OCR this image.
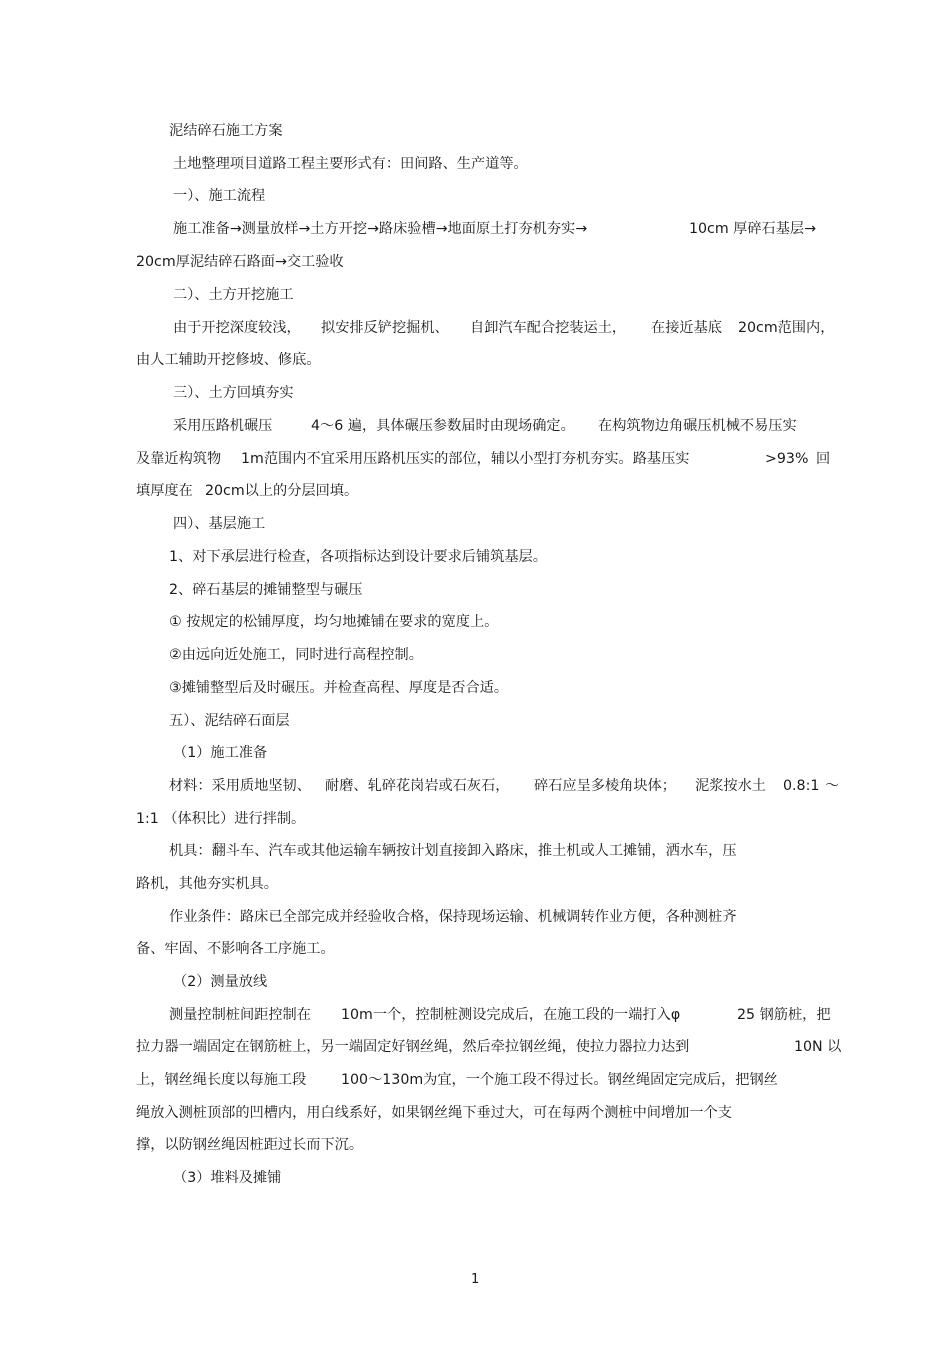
泥结碎石施工方案
土地整理项目道路工程主要形式有：田间路、生产道等。
一）、施工流程
施工准备→测量放样→土方开挖→路床验槽→地面原土打夯机夯实→	10cm 厚碎石基层→
20cm厚泥结碎石路面→交工验收
二）、土方开挖施工
由于开挖深度较浅， 拟安排反铲挖掘机、 自卸汽车配合挖装运土， 在接近基底 20cm范围内，
由人工辅助开挖修坡、修底。
三）、土方回填夯实
采用压路机碾压	4～6 遍，具体碾压参数届时由现场确定。 在构筑物边角碾压机械不易压实
及靠近构筑物 1m范围内不宜采用压路机压实的部位，辅以小型打夯机夯实。路基压实	>93% 回
填厚度在 20cm以上的分层回填。
四）、基层施工
1、对下承层进行检查，各项指标达到设计要求后铺筑基层。
2、碎石基层的摊铺整型与碾压
① 按规定的松铺厚度，均匀地摊铺在要求的宽度上。
②由远向近处施工，同时进行高程控制。
③摊铺整型后及时碾压。并检查高程、厚度是否合适。
五）、泥结碎石面层
（1）施工准备
材料：采用质地坚韧、 耐磨、轧碎花岗岩或石灰石， 碎石应呈多棱角块体； 泥浆按水土 0.8:1 ～
1:1 （体积比）进行拌制。
机具：翻斗车、汽车或其他运输车辆按计划直接卸入路床，推土机或人工摊铺，洒水车，压
路机，其他夯实机具。
作业条件：路床已全部完成并经验收合格，保持现场运输、机械调转作业方便，各种测桩齐
备、牢固、不影响各工序施工。
（2）测量放线
测量控制桩间距控制在 10m一个，控制桩测设完成后，在施工段的一端打入φ	25 钢筋桩，把
拉力器一端固定在钢筋桩上，另一端固定好钢丝绳，然后牵拉钢丝绳，使拉力器拉力达到	10N 以
上，钢丝绳长度以每施工段 100～130m为宜，一个施工段不得过长。钢丝绳固定完成后，把钢丝
绳放入测桩顶部的凹槽内，用白线系好，如果钢丝绳下垂过大，可在每两个测桩中间增加一个支
撑，以防钢丝绳因桩距过长而下沉。
（3）堆料及摊铺
1
